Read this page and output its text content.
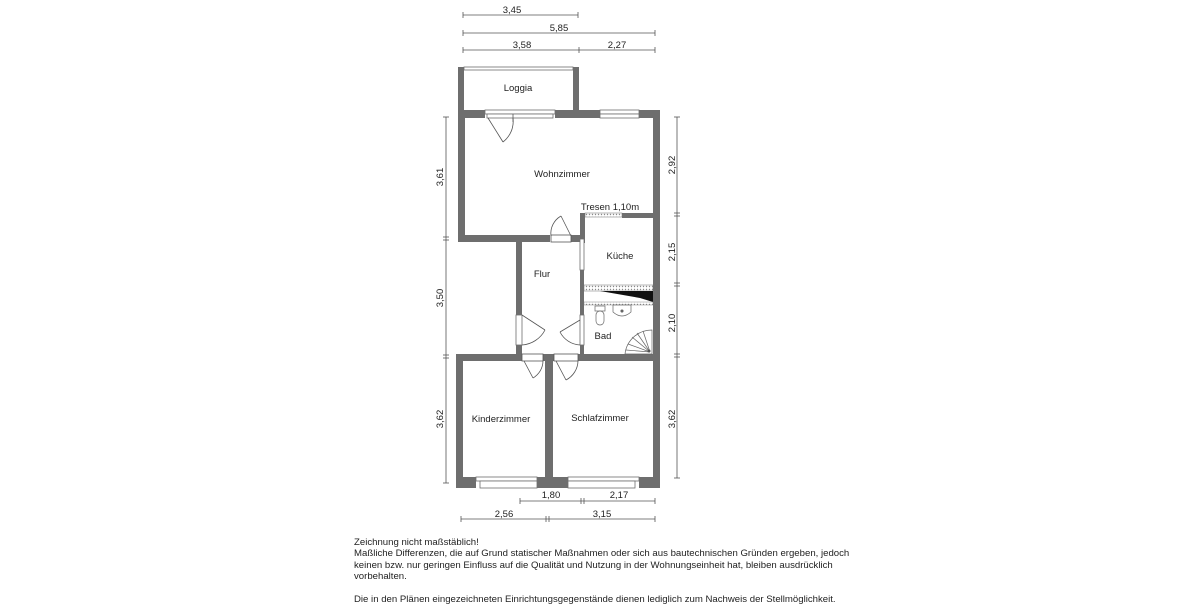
3,45
5,85
3,58	2,27
3,61
3,50
3,62
2,92
2,15
2,10
3,62
1,80	2,17
2,56	3,15
Loggia
Wohnzimmer
Tresen 1,10m
Küche
Flur
Bad
Kinderzimmer	Schlafzimmer

Zeichnung nicht maßstäblich!

Maßliche Differenzen, die auf Grund statischer Maßnahmen oder sich aus bautechnischen Gründen ergeben, jedoch keinen bzw. nur geringen Einfluss auf die Qualität und Nutzung in der Wohnungseinheit hat, bleiben ausdrücklich vorbehalten.

Die in den Plänen eingezeichneten Einrichtungsgegenstände dienen lediglich zum Nachweis der Stellmöglichkeit.
